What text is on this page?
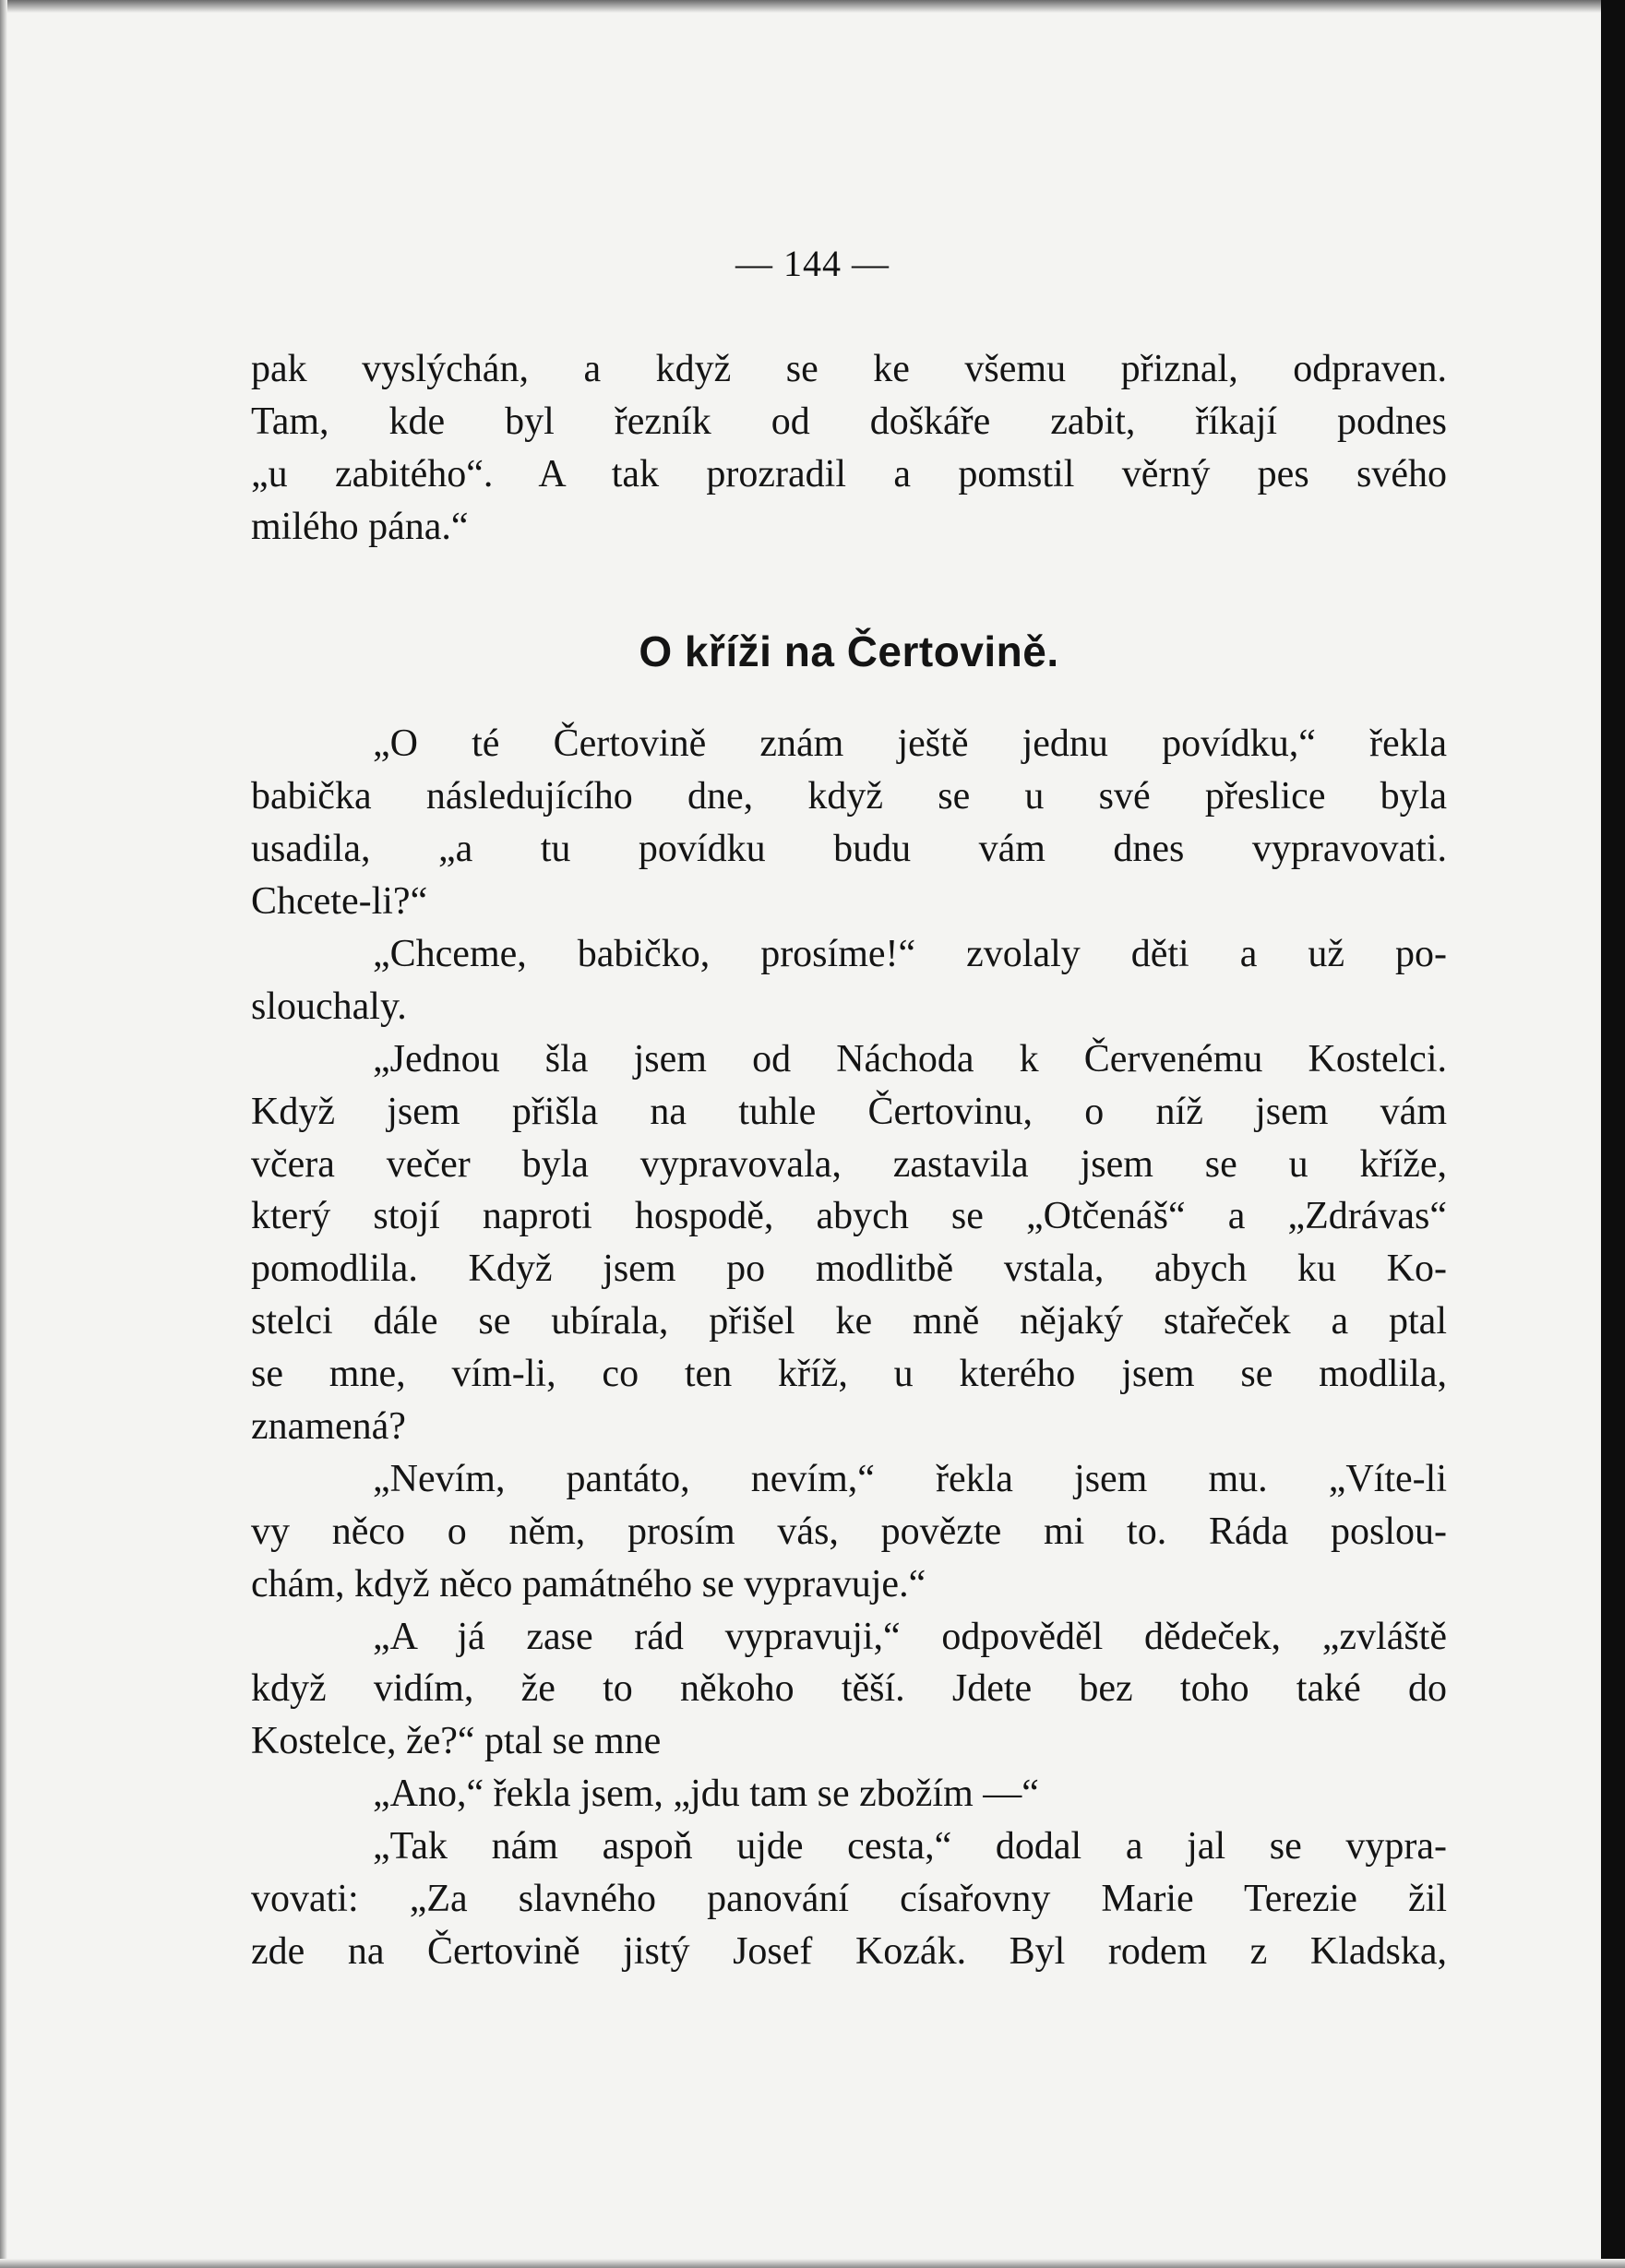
— 144 —
pak vyslýchán, a když se ke všemu přiznal, odpraven.
Tam, kde byl řezník od doškáře zabit, říkají podnes
„u zabitého“. A tak prozradil a pomstil věrný pes svého
milého pána.“
O kříži na Čertovině.
„O té Čertovině znám ještě jednu povídku,“ řekla
babička následujícího dne, když se u své přeslice byla
usadila, „a tu povídku budu vám dnes vypravovati.
Chcete-li?“
„Chceme, babičko, prosíme!“ zvolaly děti a už po-
slouchaly.
„Jednou šla jsem od Náchoda k Červenému Kostelci.
Když jsem přišla na tuhle Čertovinu, o níž jsem vám
včera večer byla vypravovala, zastavila jsem se u kříže,
který stojí naproti hospodě, abych se „Otčenáš“ a „Zdrávas“
pomodlila. Když jsem po modlitbě vstala, abych ku Ko-
stelci dále se ubírala, přišel ke mně nějaký stařeček a ptal
se mne, vím-li, co ten kříž, u kterého jsem se modlila,
znamená?
„Nevím, pantáto, nevím,“ řekla jsem mu. „Víte-li
vy něco o něm, prosím vás, povězte mi to. Ráda poslou-
chám, když něco památného se vypravuje.“
„A já zase rád vypravuji,“ odpověděl dědeček, „zvláště
když vidím, že to někoho těší. Jdete bez toho také do
Kostelce, že?“ ptal se mne
„Ano,“ řekla jsem, „jdu tam se zbožím —“
„Tak nám aspoň ujde cesta,“ dodal a jal se vypra-
vovati: „Za slavného panování císařovny Marie Terezie žil
zde na Čertovině jistý Josef Kozák. Byl rodem z Kladska,
